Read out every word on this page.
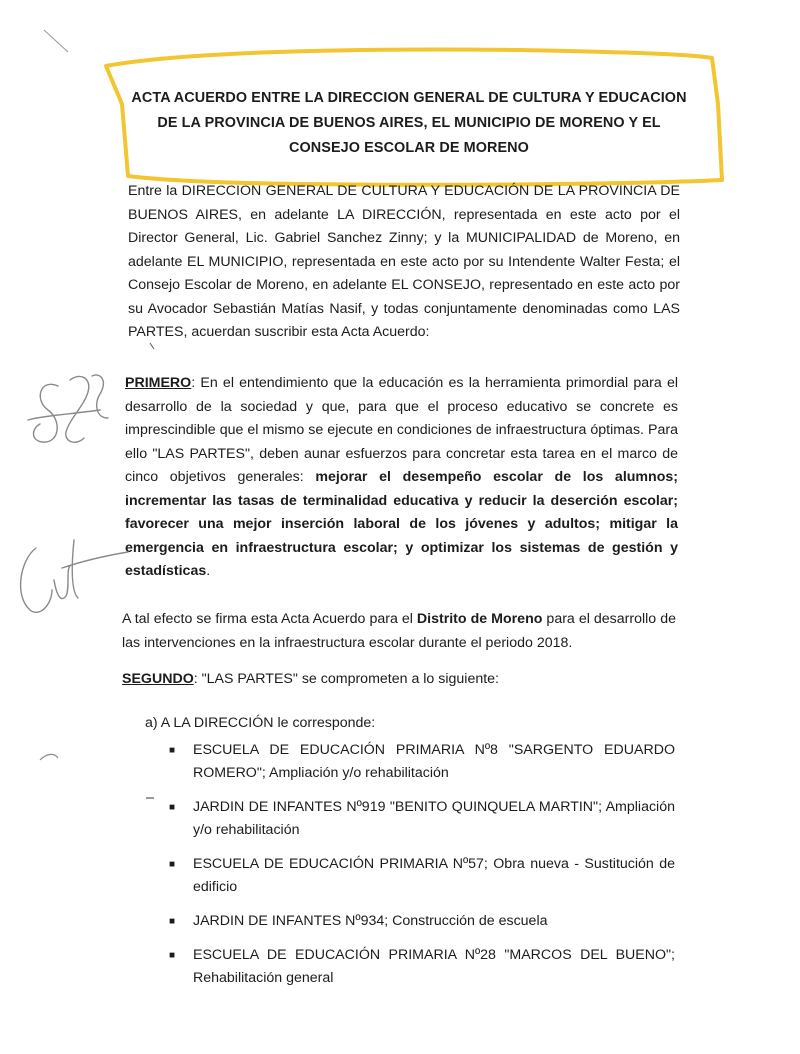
ACTA ACUERDO ENTRE LA DIRECCION GENERAL DE CULTURA Y EDUCACION
DE LA PROVINCIA DE BUENOS AIRES, EL MUNICIPIO DE MORENO Y EL
CONSEJO ESCOLAR DE MORENO
Entre la DIRECCION GENERAL DE CULTURA Y EDUCACIÓN DE LA PROVINCIA DE BUENOS AIRES, en adelante LA DIRECCIÓN, representada en este acto por el Director General, Lic. Gabriel Sanchez Zinny; y la MUNICIPALIDAD de Moreno, en adelante EL MUNICIPIO, representada en este acto por su Intendente Walter Festa; el Consejo Escolar de Moreno, en adelante EL CONSEJO, representado en este acto por su Avocador Sebastián Matías Nasif, y todas conjuntamente denominadas como LAS PARTES, acuerdan suscribir esta Acta Acuerdo:
PRIMERO: En el entendimiento que la educación es la herramienta primordial para el desarrollo de la sociedad y que, para que el proceso educativo se concrete es imprescindible que el mismo se ejecute en condiciones de infraestructura óptimas. Para ello "LAS PARTES", deben aunar esfuerzos para concretar esta tarea en el marco de cinco objetivos generales: mejorar el desempeño escolar de los alumnos; incrementar las tasas de terminalidad educativa y reducir la deserción escolar; favorecer una mejor inserción laboral de los jóvenes y adultos; mitigar la emergencia en infraestructura escolar; y optimizar los sistemas de gestión y estadísticas.
A tal efecto se firma esta Acta Acuerdo para el Distrito de Moreno para el desarrollo de las intervenciones en la infraestructura escolar durante el periodo 2018.
SEGUNDO: "LAS PARTES" se comprometen a lo siguiente:
a) A LA DIRECCIÓN le corresponde:
■ ESCUELA DE EDUCACIÓN PRIMARIA Nº8 "SARGENTO EDUARDO ROMERO"; Ampliación y/o rehabilitación
■ JARDIN DE INFANTES Nº919 "BENITO QUINQUELA MARTIN"; Ampliación y/o rehabilitación
■ ESCUELA DE EDUCACIÓN PRIMARIA Nº57; Obra nueva - Sustitución de edificio
■ JARDIN DE INFANTES Nº934; Construcción de escuela
■ ESCUELA DE EDUCACIÓN PRIMARIA Nº28 "MARCOS DEL BUENO"; Rehabilitación general
